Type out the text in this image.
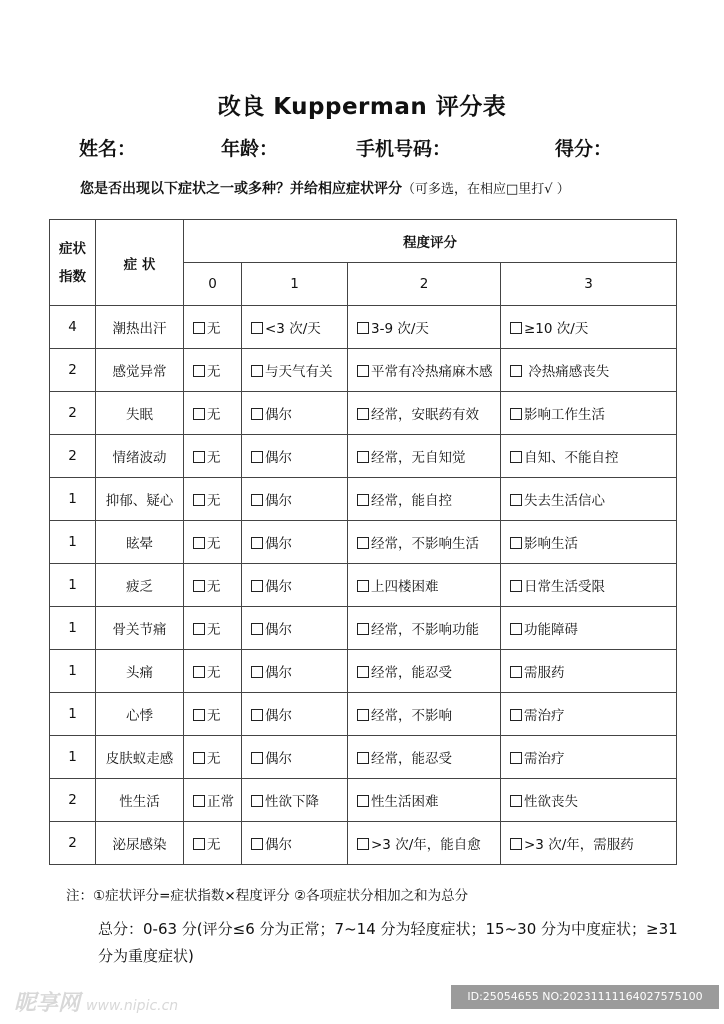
改良 Kupperman 评分表
姓名：	年龄：	手机号码：	得分：
您是否出现以下症状之一或多种？并给相应症状评分（可多选，在相应□里打√ ）
症状指数	症 状	程度评分			
		0	1	2	3
4	潮热出汗	无	<3 次/天	3-9 次/天	≥10 次/天
2	感觉异常	无	与天气有关	平常有冷热痛麻木感	冷热痛感丧失
2	失眠	无	偶尔	经常，安眠药有效	影响工作生活
2	情绪波动	无	偶尔	经常，无自知觉	自知、不能自控
1	抑郁、疑心	无	偶尔	经常，能自控	失去生活信心
1	眩晕	无	偶尔	经常，不影响生活	影响生活
1	疲乏	无	偶尔	上四楼困难	日常生活受限
1	骨关节痛	无	偶尔	经常，不影响功能	功能障碍
1	头痛	无	偶尔	经常，能忍受	需服药
1	心悸	无	偶尔	经常，不影响	需治疗
1	皮肤蚁走感	无	偶尔	经常，能忍受	需治疗
2	性生活	正常	性欲下降	性生活困难	性欲丧失
2	泌尿感染	无	偶尔	>3 次/年，能自愈	>3 次/年，需服药
注：①症状评分=症状指数×程度评分 ②各项症状分相加之和为总分
总分：0-63 分(评分≤6 分为正常；7~14 分为轻度症状；15~30 分为中度症状；≥31 分为重度症状)
昵享网 www.nipic.cn
ID:25054655 NO:20231111164027575100
